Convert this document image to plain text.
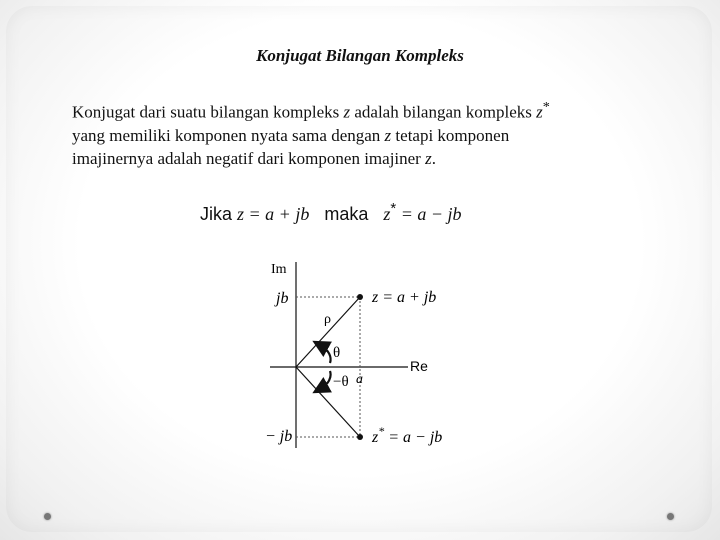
Konjugat Bilangan Kompleks
Konjugat dari suatu bilangan kompleks z adalah bilangan kompleks z*
yang memiliki komponen nyata sama dengan z tetapi komponen
imajinernya adalah negatif dari komponen imajiner z.
Jika z = a + jb maka z* = a − jb
Im
Re
jb
− jb
ρ
θ
−θ a
z = a + jb
z* = a − jb
